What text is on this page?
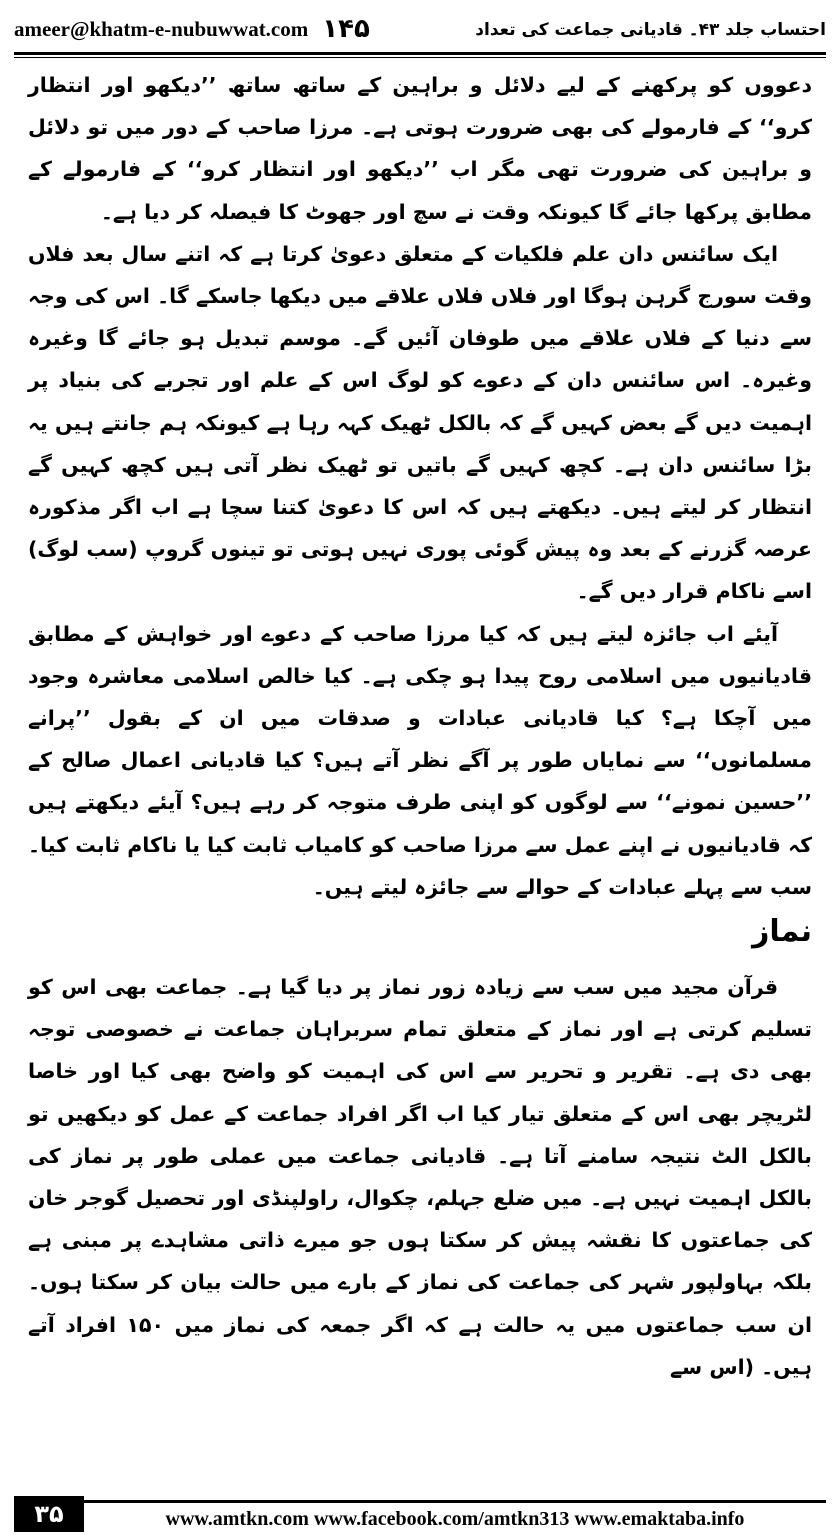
ameer@khatm-e-nubuwwat.com ۱۴۵	احتساب جلد ۴۳۔ قادیانی جماعت کی تعداد

دعووں کو پرکھنے کے لیے دلائل و براہین کے ساتھ ساتھ ’’دیکھو اور انتظار کرو‘‘ کے فارمولے کی بھی ضرورت ہوتی ہے۔ مرزا صاحب کے دور میں تو دلائل و براہین کی ضرورت تھی مگر اب ’’دیکھو اور انتظار کرو‘‘ کے فارمولے کے مطابق پرکھا جائے گا کیونکہ وقت نے سچ اور جھوٹ کا فیصلہ کر دیا ہے۔

ایک سائنس دان علم فلکیات کے متعلق دعویٰ کرتا ہے کہ اتنے سال بعد فلاں وقت سورج گرہن ہوگا اور فلاں فلاں علاقے میں دیکھا جاسکے گا۔ اس کی وجہ سے دنیا کے فلاں علاقے میں طوفان آئیں گے۔ موسم تبدیل ہو جائے گا وغیرہ وغیرہ۔ اس سائنس دان کے دعوے کو لوگ اس کے علم اور تجربے کی بنیاد پر اہمیت دیں گے بعض کہیں گے کہ بالکل ٹھیک کہہ رہا ہے کیونکہ ہم جانتے ہیں یہ بڑا سائنس دان ہے۔ کچھ کہیں گے باتیں تو ٹھیک نظر آتی ہیں کچھ کہیں گے انتظار کر لیتے ہیں۔ دیکھتے ہیں کہ اس کا دعویٰ کتنا سچا ہے اب اگر مذکورہ عرصہ گزرنے کے بعد وہ پیش گوئی پوری نہیں ہوتی تو تینوں گروپ (سب لوگ) اسے ناکام قرار دیں گے۔

آیئے اب جائزہ لیتے ہیں کہ کیا مرزا صاحب کے دعوے اور خواہش کے مطابق قادیانیوں میں اسلامی روح پیدا ہو چکی ہے۔ کیا خالص اسلامی معاشرہ وجود میں آچکا ہے؟ کیا قادیانی عبادات و صدقات میں ان کے بقول ’’پرانے مسلمانوں‘‘ سے نمایاں طور پر آگے نظر آتے ہیں؟ کیا قادیانی اعمال صالح کے ’’حسین نمونے‘‘ سے لوگوں کو اپنی طرف متوجہ کر رہے ہیں؟ آیئے دیکھتے ہیں کہ قادیانیوں نے اپنے عمل سے مرزا صاحب کو کامیاب ثابت کیا یا ناکام ثابت کیا۔ سب سے پہلے عبادات کے حوالے سے جائزہ لیتے ہیں۔

نماز

قرآن مجید میں سب سے زیادہ زور نماز پر دیا گیا ہے۔ جماعت بھی اس کو تسلیم کرتی ہے اور نماز کے متعلق تمام سربراہان جماعت نے خصوصی توجہ بھی دی ہے۔ تقریر و تحریر سے اس کی اہمیت کو واضح بھی کیا اور خاصا لٹریچر بھی اس کے متعلق تیار کیا اب اگر افراد جماعت کے عمل کو دیکھیں تو بالکل الٹ نتیجہ سامنے آتا ہے۔ قادیانی جماعت میں عملی طور پر نماز کی بالکل اہمیت نہیں ہے۔ میں ضلع جہلم، چکوال، راولپنڈی اور تحصیل گوجر خان کی جماعتوں کا نقشہ پیش کر سکتا ہوں جو میرے ذاتی مشاہدے پر مبنی ہے بلکہ بہاولپور شہر کی جماعت کی نماز کے بارے میں حالت بیان کر سکتا ہوں۔ ان سب جماعتوں میں یہ حالت ہے کہ اگر جمعہ کی نماز میں ۱۵۰ افراد آتے ہیں۔ (اس سے

۳۵	www.amtkn.com www.facebook.com/amtkn313 www.emaktaba.info
